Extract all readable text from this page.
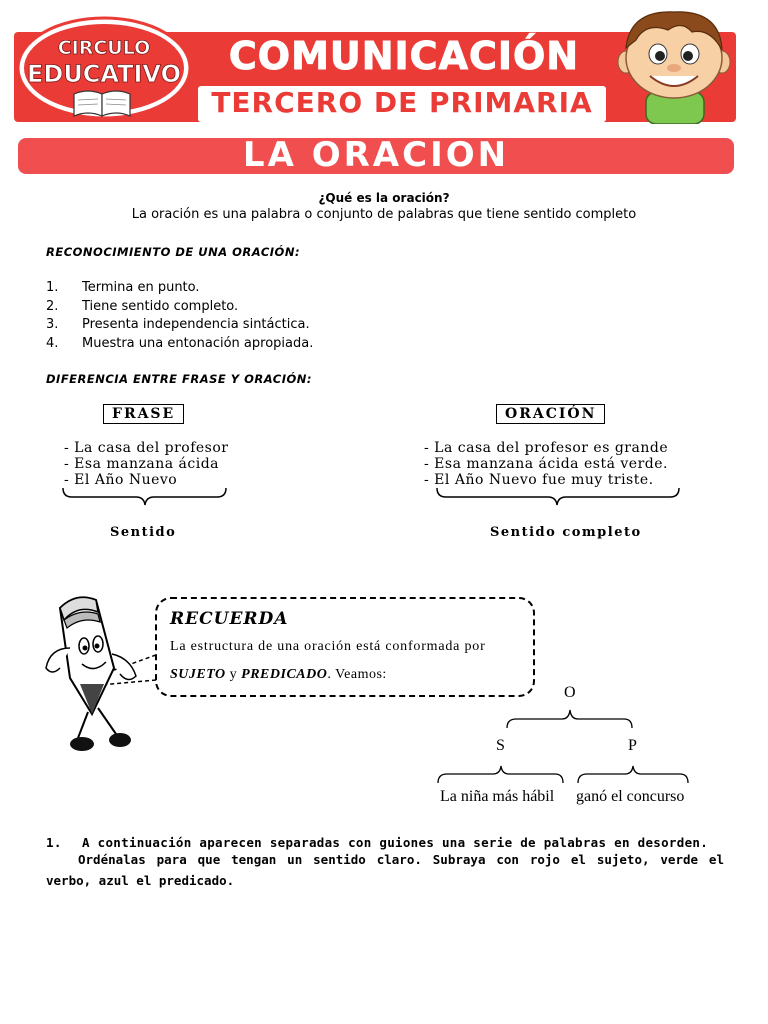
COMUNICACIÓN
TERCERO DE PRIMARIA
CIRCULO
EDUCATIVO
LA ORACION
¿Qué es la oración?
La oración es una palabra o conjunto de palabras que tiene sentido completo
RECONOCIMIENTO DE UNA ORACIÓN:
1. Termina en punto.
2. Tiene sentido completo.
3. Presenta independencia sintáctica.
4. Muestra una entonación apropiada.
DIFERENCIA ENTRE FRASE Y ORACIÓN:
FRASE	ORACIÓN
- La casa del profesor
- Esa manzana ácida
- El Año Nuevo
- La casa del profesor es grande
- Esa manzana ácida está verde.
- El Año Nuevo fue muy triste.
Sentido	Sentido completo
RECUERDA
La estructura de una oración está conformada por
SUJETO y PREDICADO. Veamos:
O
S	P
La niña más hábil ganó el concurso
1. A continuación aparecen separadas con guiones una serie de palabras en desorden.
Ordénalas para que tengan un sentido claro. Subraya con rojo el sujeto, verde el
verbo, azul el predicado.
